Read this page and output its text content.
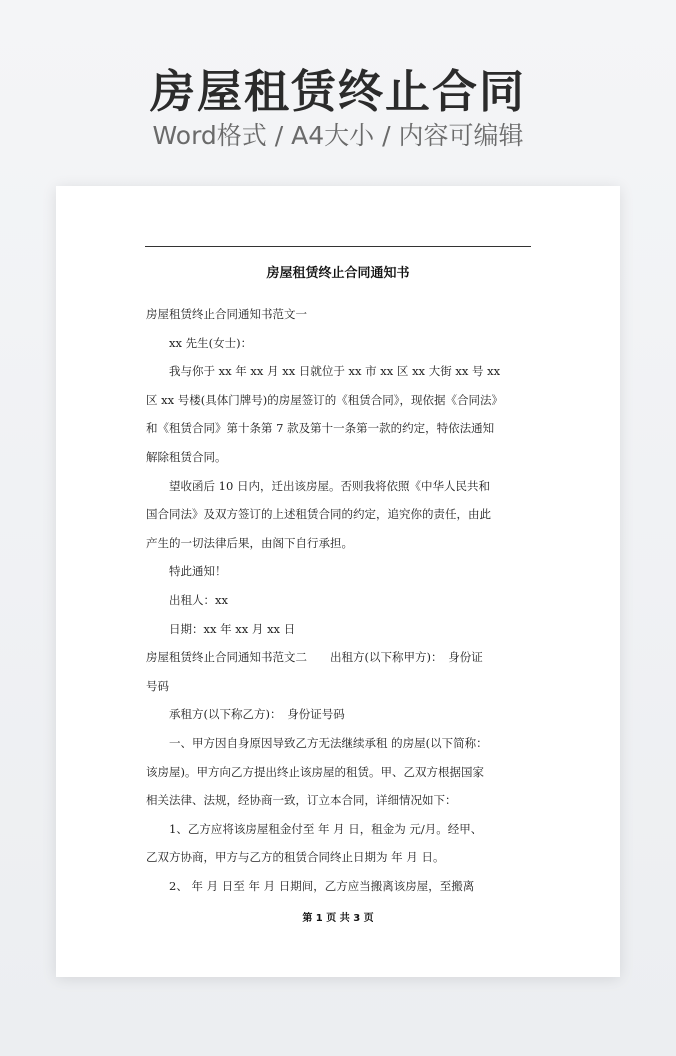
房屋租赁终止合同
Word格式 / A4大小 / 内容可编辑
房屋租赁终止合同通知书
房屋租赁终止合同通知书范文一
　　xx 先生(女士)：
　　我与你于 xx 年 xx 月 xx 日就位于 xx 市 xx 区 xx 大街 xx 号 xx
区 xx 号楼(具体门牌号)的房屋签订的《租赁合同》，现依据《合同法》
和《租赁合同》第十条第 7 款及第十一条第一款的约定，特依法通知
解除租赁合同。
　　望收函后 10 日内，迁出该房屋。否则我将依照《中华人民共和
国合同法》及双方签订的上述租赁合同的约定，追究你的责任，由此
产生的一切法律后果，由阁下自行承担。
　　特此通知！
　　出租人：xx
　　日期：xx 年 xx 月 xx 日
房屋租赁终止合同通知书范文二　　出租方(以下称甲方)：　身份证
号码
　　承租方(以下称乙方)：　身份证号码
　　一、甲方因自身原因导致乙方无法继续承租 的房屋(以下简称：
该房屋)。甲方向乙方提出终止该房屋的租赁。甲、乙双方根据国家
相关法律、法规，经协商一致，订立本合同，详细情况如下：
　　1、乙方应将该房屋租金付至 年 月 日，租金为 元/月。经甲、
乙双方协商，甲方与乙方的租赁合同终止日期为 年 月 日。
　　2、 年 月 日至 年 月 日期间，乙方应当搬离该房屋，至搬离
第 1 页 共 3 页
